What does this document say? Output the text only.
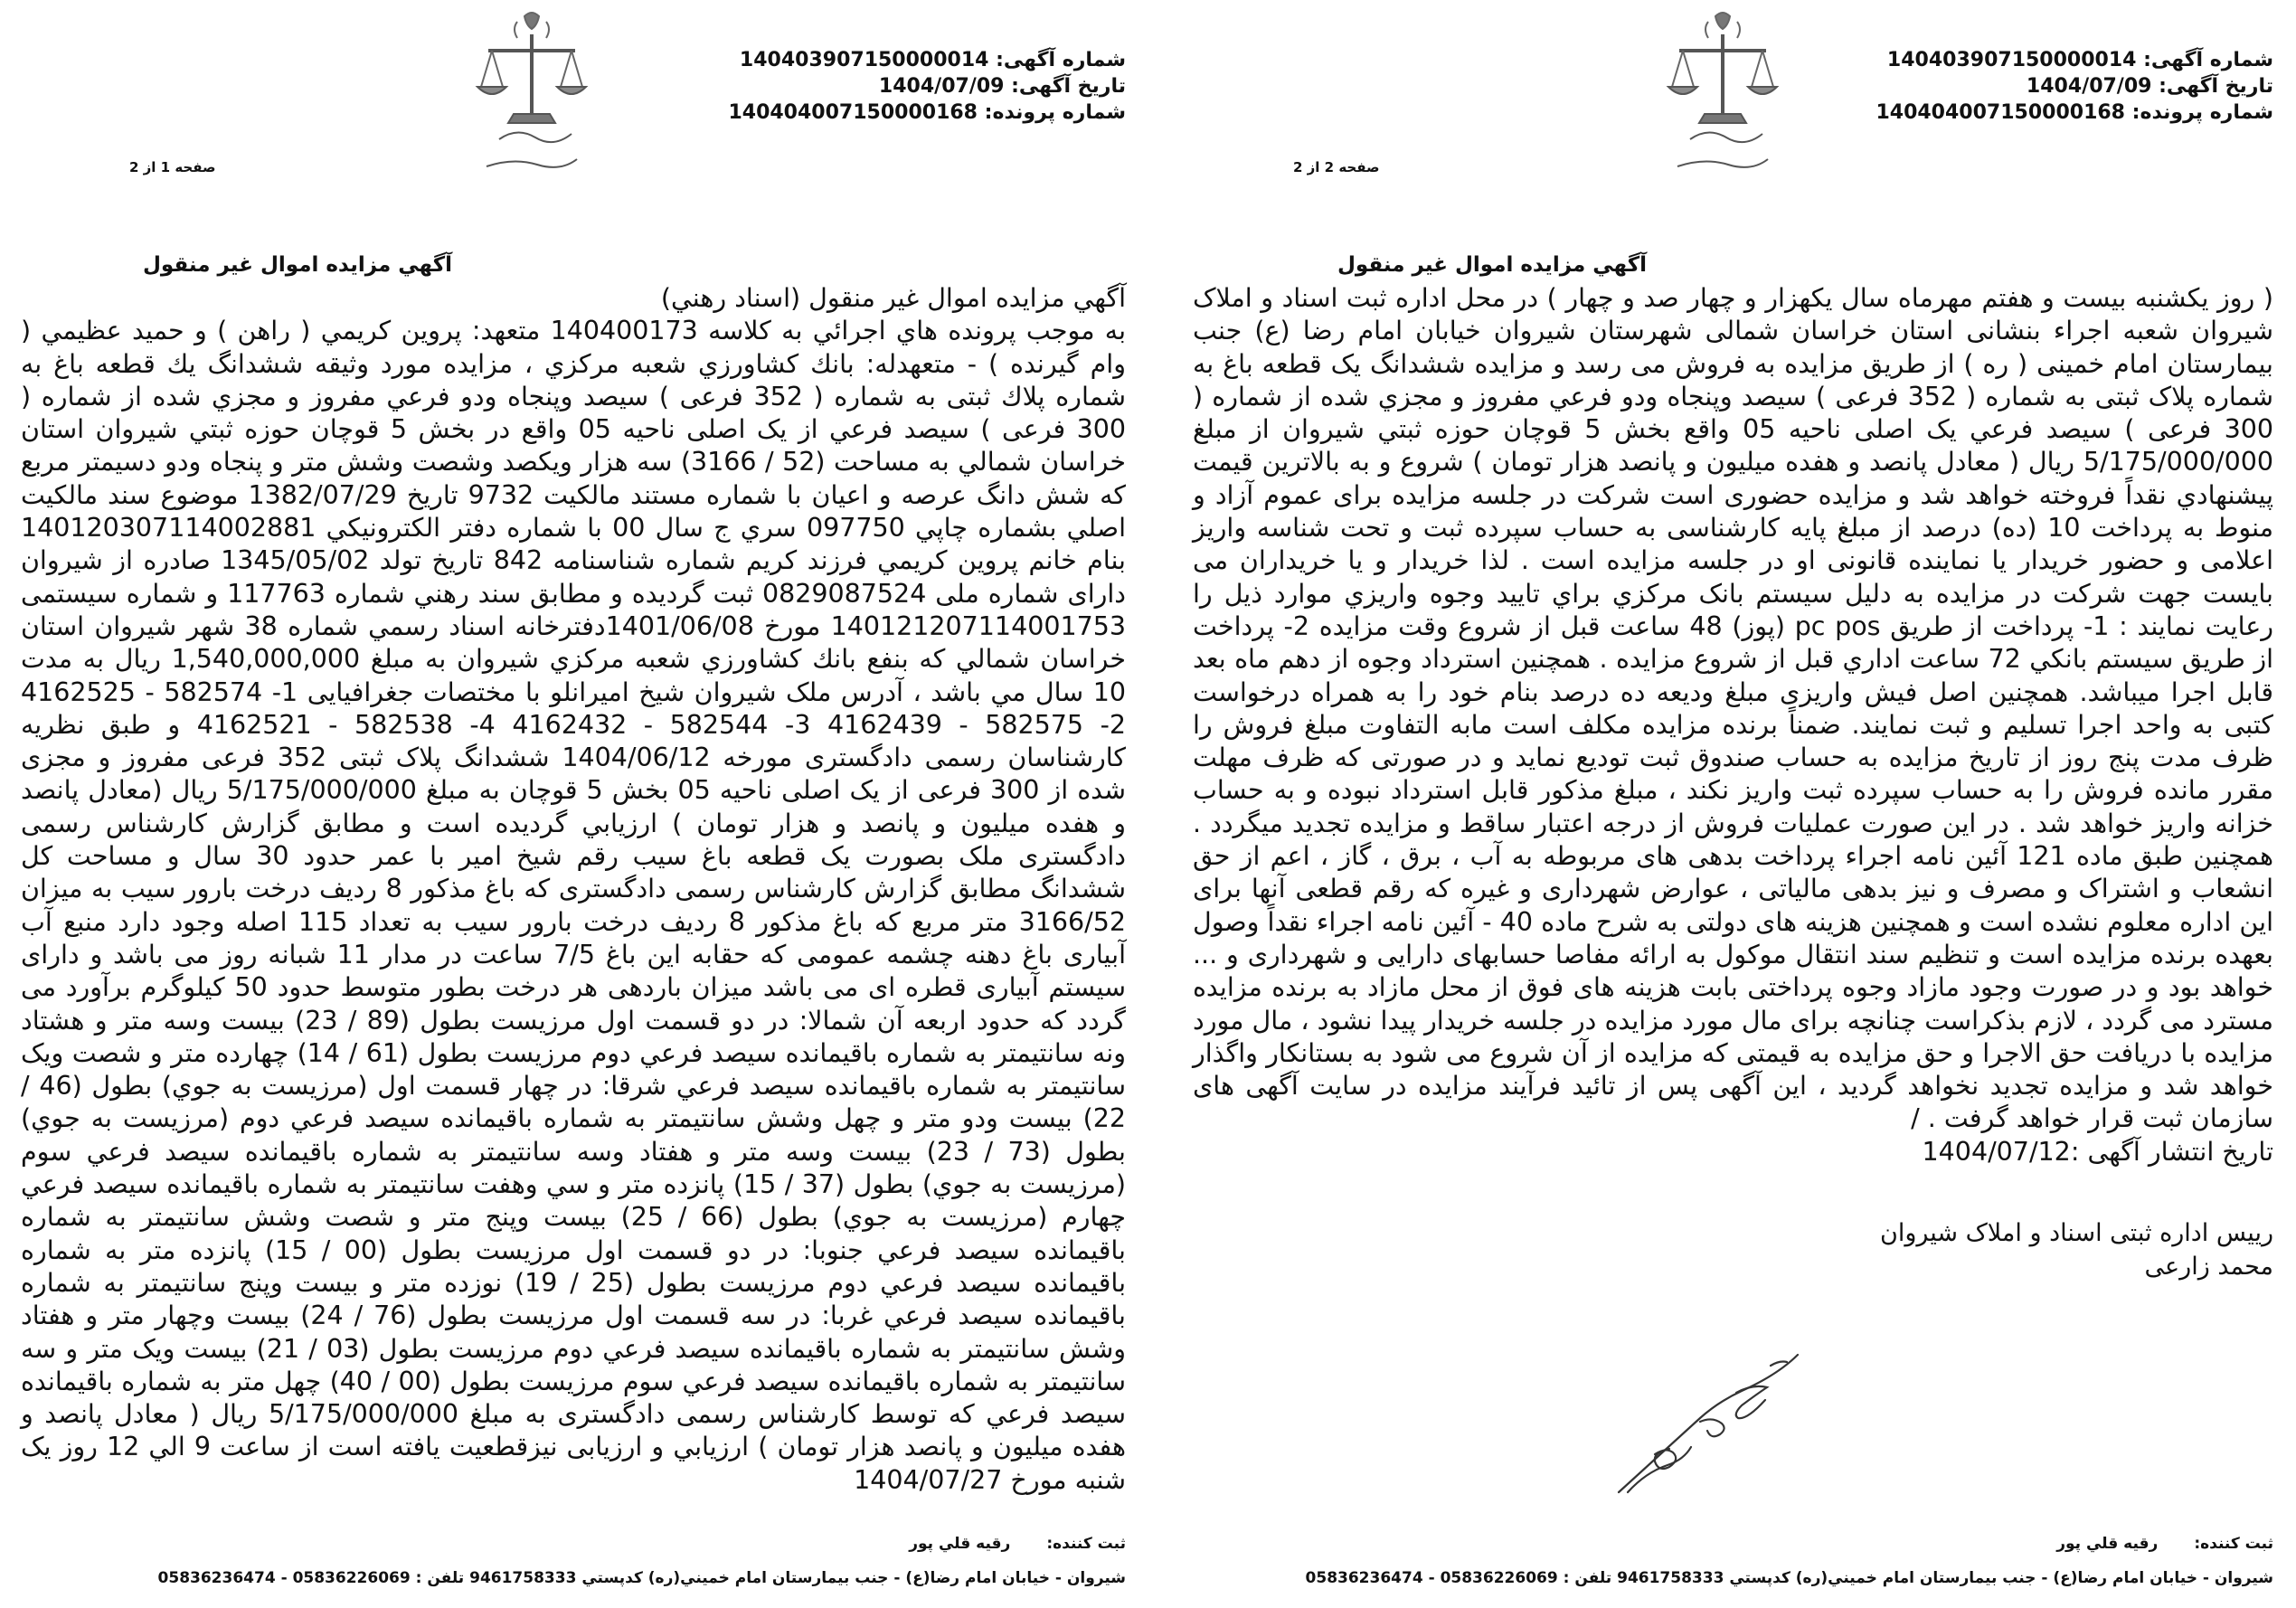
شماره آگهی: 140403907150000014
تاریخ آگهی: 1404/07/09
شماره پرونده: 140404007150000168
صفحه 1 از 2
آگهي مزايده اموال غير منقول

آگهي مزايده اموال غير منقول (اسناد رهني)

به موجب پرونده هاي اجرائي به كلاسه 140400173 متعهد: پروين كريمي ( راهن ) و حميد عظيمي ( وام گيرنده ) - متعهدله: بانك كشاورزي شعبه مركزي ، مزايده مورد وثيقه ششدانگ يك قطعه باغ به شماره پلاك ثبتی به شماره ( 352 فرعى ) سيصد وپنجاه ودو فرعي مفروز و مجزي شده از شماره ( 300 فرعى ) سيصد فرعي از يک اصلی ناحيه 05 واقع در بخش 5 قوچان حوزه ثبتي شيروان استان خراسان شمالي به مساحت (52 / 3166) سه هزار ويكصد وشصت وشش متر و پنجاه ودو دسيمتر مربع كه شش دانگ عرصه و اعيان با شماره مستند مالكيت 9732 تاريخ 1382/07/29 موضوع سند مالكيت اصلي بشماره چاپي 097750 سري ج سال 00 با شماره دفتر الكترونيكي 140120307114002881 بنام خانم پروين كريمي فرزند كريم شماره شناسنامه 842 تاريخ تولد 1345/05/02 صادره از شيروان داراى شماره ملى 0829087524 ثبت گرديده و مطابق سند رهني شماره 117763 و شماره سيستمى 140121207114001753 مورخ 1401/06/08دفترخانه اسناد رسمي شماره 38 شهر شيروان استان خراسان شمالي كه بنفع بانك كشاورزي شعبه مركزي شيروان به مبلغ 1,540,000,000 ريال به مدت 10 سال مي باشد ، آدرس ملک شيروان شيخ اميرانلو با مختصات جغرافيايى 1- 582574 - 4162525 2- 582575 - 4162439 3- 582544 - 4162432 4- 582538 - 4162521 و طبق نظريه كارشناسان رسمى دادگسترى مورخه 1404/06/12 ششدانگ پلاک ثبتى 352 فرعى مفروز و مجزى شده از 300 فرعى از يک اصلى ناحيه 05 بخش 5 قوچان به مبلغ 5/175/000/000 ريال (معادل پانصد و هفده ميليون و پانصد و هزار تومان ) ارزيابي گرديده است و مطابق گزارش كارشناس رسمى دادگسترى ملک بصورت يک قطعه باغ سيب رقم شيخ امير با عمر حدود 30 سال و مساحت كل ششدانگ مطابق گزارش كارشناس رسمى دادگسترى كه باغ مذكور 8 رديف درخت بارور سيب به ميزان 3166/52 متر مربع كه باغ مذكور 8 رديف درخت بارور سيب به تعداد 115 اصله وجود دارد منبع آب آبيارى باغ دهنه چشمه عمومى كه حقابه اين باغ 7/5 ساعت در مدار 11 شبانه روز مى باشد و داراى سيستم آبيارى قطره اى مى باشد ميزان باردهى هر درخت بطور متوسط حدود 50 كيلوگرم برآورد مى گردد كه حدود اربعه آن شمالا: در دو قسمت اول مرزيست بطول (89 / 23) بيست وسه متر و هشتاد ونه سانتيمتر به شماره باقيمانده سيصد فرعي دوم مرزيست بطول (61 / 14) چهارده متر و شصت ويک سانتيمتر به شماره باقيمانده سيصد فرعي شرقا: در چهار قسمت اول (مرزيست به جوي) بطول (46 / 22) بيست ودو متر و چهل وشش سانتيمتر به شماره باقيمانده سيصد فرعي دوم (مرزيست به جوي) بطول (73 / 23) بيست وسه متر و هفتاد وسه سانتيمتر به شماره باقيمانده سيصد فرعي سوم (مرزيست به جوي) بطول (37 / 15) پانزده متر و سي وهفت سانتيمتر به شماره باقيمانده سيصد فرعي چهارم (مرزيست به جوي) بطول (66 / 25) بيست وپنج متر و شصت وشش سانتيمتر به شماره باقيمانده سيصد فرعي جنوبا: در دو قسمت اول مرزيست بطول (00 / 15) پانزده متر به شماره باقيمانده سيصد فرعي دوم مرزيست بطول (25 / 19) نوزده متر و بيست وپنج سانتيمتر به شماره باقيمانده سيصد فرعي غربا: در سه قسمت اول مرزيست بطول (76 / 24) بيست وچهار متر و هفتاد وشش سانتيمتر به شماره باقيمانده سيصد فرعي دوم مرزيست بطول (03 / 21) بيست ويک متر و سه سانتيمتر به شماره باقيمانده سيصد فرعي سوم مرزيست بطول (00 / 40) چهل متر به شماره باقيمانده سيصد فرعي كه توسط كارشناس رسمى دادگسترى به مبلغ 5/175/000/000 ريال ( معادل پانصد و هفده ميليون و پانصد هزار تومان ) ارزيابي و ارزيابى نيزقطعيت يافته است از ساعت 9 الي 12 روز يک شنبه مورخ 1404/07/27

ثبت كننده:رقيه قلي پور
شيروان - خيابان امام رضا(ع) - جنب بيمارستان امام خميني(ره) كدپستي 9461758333 تلفن : 05836226069 - 05836236474
شماره آگهی: 140403907150000014
تاریخ آگهی: 1404/07/09
شماره پرونده: 140404007150000168
صفحه 2 از 2
آگهي مزايده اموال غير منقول

( روز يكشنبه بيست و هفتم مهرماه سال يكهزار و چهار صد و چهار ) در محل اداره ثبت اسناد و املاک شيروان شعبه اجراء بنشانى استان خراسان شمالى شهرستان شيروان خيابان امام رضا (ع) جنب بيمارستان امام خمينى ( ره ) از طريق مزايده به فروش مى رسد و مزايده ششدانگ يک قطعه باغ به شماره پلاک ثبتى به شماره ( 352 فرعى ) سيصد وپنجاه ودو فرعي مفروز و مجزي شده از شماره ( 300 فرعى ) سيصد فرعي يک اصلى ناحيه 05 واقع بخش 5 قوچان حوزه ثبتي شيروان از مبلغ 5/175/000/000 ريال ( معادل پانصد و هفده ميليون و پانصد هزار تومان ) شروع و به بالاترين قيمت پيشنهادي نقداً فروخته خواهد شد و مزايده حضورى است شركت در جلسه مزايده براى عموم آزاد و منوط به پرداخت 10 (ده) درصد از مبلغ پايه كارشناسى به حساب سپرده ثبت و تحت شناسه واريز اعلامى و حضور خريدار يا نماينده قانونى او در جلسه مزايده است . لذا خريدار و يا خريداران مى بايست جهت شركت در مزايده به دليل سيستم بانک مركزي براي تاييد وجوه واريزي موارد ذيل را رعايت نمايند : 1- پرداخت از طريق pc pos (پوز) 48 ساعت قبل از شروع وقت مزايده 2- پرداخت از طريق سيستم بانكي 72 ساعت اداري قبل از شروع مزايده . همچنين استرداد وجوه از دهم ماه بعد قابل اجرا ميباشد. همچنين اصل فيش واريزى مبلغ وديعه ده درصد بنام خود را به همراه درخواست كتبى به واحد اجرا تسليم و ثبت نمايند. ضمناً برنده مزايده مكلف است مابه التفاوت مبلغ فروش را ظرف مدت پنج روز از تاريخ مزايده به حساب صندوق ثبت توديع نمايد و در صورتى كه ظرف مهلت مقرر مانده فروش را به حساب سپرده ثبت واريز نكند ، مبلغ مذكور قابل استرداد نبوده و به حساب خزانه واريز خواهد شد . در اين صورت عمليات فروش از درجه اعتبار ساقط و مزايده تجديد ميگردد . همچنين طبق ماده 121 آئين نامه اجراء پرداخت بدهى هاى مربوطه به آب ، برق ، گاز ، اعم از حق انشعاب و اشتراک و مصرف و نيز بدهى مالياتى ، عوارض شهردارى و غيره كه رقم قطعى آنها براى اين اداره معلوم نشده است و همچنين هزينه هاى دولتى به شرح ماده 40 - آئين نامه اجراء نقداً وصول بعهده برنده مزايده است و تنظيم سند انتقال موكول به ارائه مفاصا حسابهاى دارايى و شهردارى و ... خواهد بود و در صورت وجود مازاد وجوه پرداختى بابت هزينه هاى فوق از محل مازاد به برنده مزايده مسترد مى گردد ، لازم بذكراست چنانچه براى مال مورد مزايده در جلسه خريدار پيدا نشود ، مال مورد مزايده با دريافت حق الاجرا و حق مزايده به قيمتى كه مزايده از آن شروع مى شود به بستانكار واگذار خواهد شد و مزايده تجديد نخواهد گرديد ، اين آگهى پس از تائيد فرآيند مزايده در سايت آگهى هاى سازمان ثبت قرار خواهد گرفت . /

تاريخ انتشار آگهی :1404/07/12

رييس اداره ثبتی اسناد و املاک شيروان
محمد زارعى
ثبت كننده:رقيه قلي پور
شيروان - خيابان امام رضا(ع) - جنب بيمارستان امام خميني(ره) كدپستي 9461758333 تلفن : 05836226069 - 05836236474
